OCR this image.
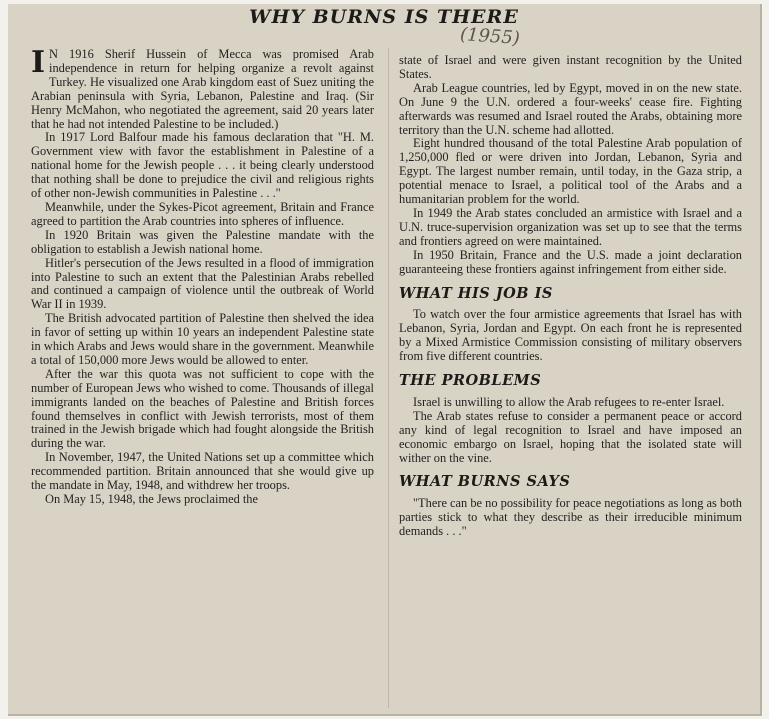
WHY BURNS IS THERE
(1955)

I N 1916 Sherif Hussein of Mecca was promised Arab independence in return for helping organize a revolt against Turkey. He visualized one Arab kingdom east of Suez uniting the Arabian peninsula with Syria, Lebanon, Palestine and Iraq. (Sir Henry McMahon, who negotiated the agreement, said 20 years later that he had not intended Palestine to be included.)

In 1917 Lord Balfour made his famous declaration that "H. M. Government view with favor the establishment in Palestine of a national home for the Jewish people . . . it being clearly understood that nothing shall be done to prejudice the civil and religious rights of other non-Jewish communities in Palestine . . ."

Meanwhile, under the Sykes-Picot agreement, Britain and France agreed to partition the Arab countries into spheres of influence.

In 1920 Britain was given the Palestine mandate with the obligation to establish a Jewish national home.

Hitler's persecution of the Jews resulted in a flood of immigration into Palestine to such an extent that the Palestinian Arabs rebelled and continued a campaign of violence until the outbreak of World War II in 1939.

The British advocated partition of Palestine then shelved the idea in favor of setting up within 10 years an independent Palestine state in which Arabs and Jews would share in the government. Meanwhile a total of 150,000 more Jews would be allowed to enter.

After the war this quota was not sufficient to cope with the number of European Jews who wished to come. Thousands of illegal immigrants landed on the beaches of Palestine and British forces found themselves in conflict with Jewish terrorists, most of them trained in the Jewish brigade which had fought alongside the British during the war.

In November, 1947, the United Nations set up a committee which recommended partition. Britain announced that she would give up the mandate in May, 1948, and withdrew her troops.

On May 15, 1948, the Jews proclaimed the

state of Israel and were given instant recognition by the United States.

Arab League countries, led by Egypt, moved in on the new state. On June 9 the U.N. ordered a four-weeks' cease fire. Fighting afterwards was resumed and Israel routed the Arabs, obtaining more territory than the U.N. scheme had allotted.

Eight hundred thousand of the total Palestine Arab population of 1,250,000 fled or were driven into Jordan, Lebanon, Syria and Egypt. The largest number remain, until today, in the Gaza strip, a potential menace to Israel, a political tool of the Arabs and a humanitarian problem for the world.

In 1949 the Arab states concluded an armistice with Israel and a U.N. truce-supervision organization was set up to see that the terms and frontiers agreed on were maintained.

In 1950 Britain, France and the U.S. made a joint declaration guaranteeing these frontiers against infringement from either side.

WHAT HIS JOB IS

To watch over the four armistice agreements that Israel has with Lebanon, Syria, Jordan and Egypt. On each front he is represented by a Mixed Armistice Commission consisting of military observers from five different countries.

THE PROBLEMS

Israel is unwilling to allow the Arab refugees to re-enter Israel.

The Arab states refuse to consider a permanent peace or accord any kind of legal recognition to Israel and have imposed an economic embargo on Israel, hoping that the isolated state will wither on the vine.

WHAT BURNS SAYS

"There can be no possibility for peace negotiations as long as both parties stick to what they describe as their irreducible minimum demands . . ."
